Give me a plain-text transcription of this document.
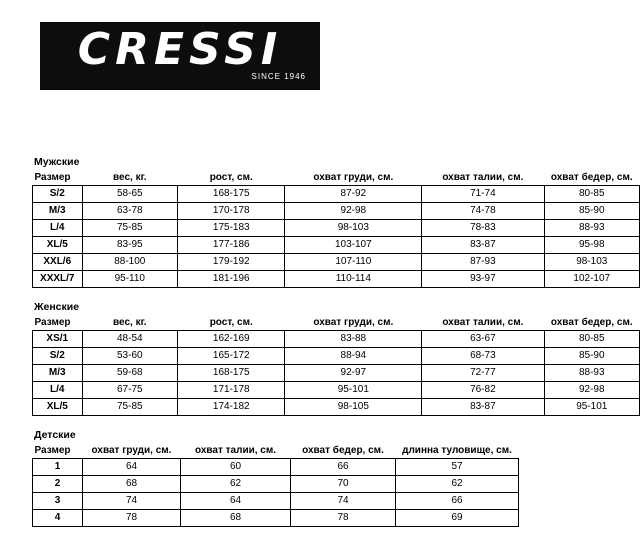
CRESSI
SINCE 1946
Мужские
Размер	вес, кг.	рост, см.	охват груди, см.	охват талии, см.	охват бедер, см.
S/2	58-65	168-175	87-92	71-74	80-85
M/3	63-78	170-178	92-98	74-78	85-90
L/4	75-85	175-183	98-103	78-83	88-93
XL/5	83-95	177-186	103-107	83-87	95-98
XXL/6	88-100	179-192	107-110	87-93	98-103
XXXL/7	95-110	181-196	110-114	93-97	102-107
Женские
Размер	вес, кг.	рост, см.	охват груди, см.	охват талии, см.	охват бедер, см.
XS/1	48-54	162-169	83-88	63-67	80-85
S/2	53-60	165-172	88-94	68-73	85-90
M/3	59-68	168-175	92-97	72-77	88-93
L/4	67-75	171-178	95-101	76-82	92-98
XL/5	75-85	174-182	98-105	83-87	95-101
Детские
Размер	охват груди, см.	охват талии, см.	охват бедер, см.	длинна туловище, см.
1	64	60	66	57
2	68	62	70	62
3	74	64	74	66
4	78	68	78	69
